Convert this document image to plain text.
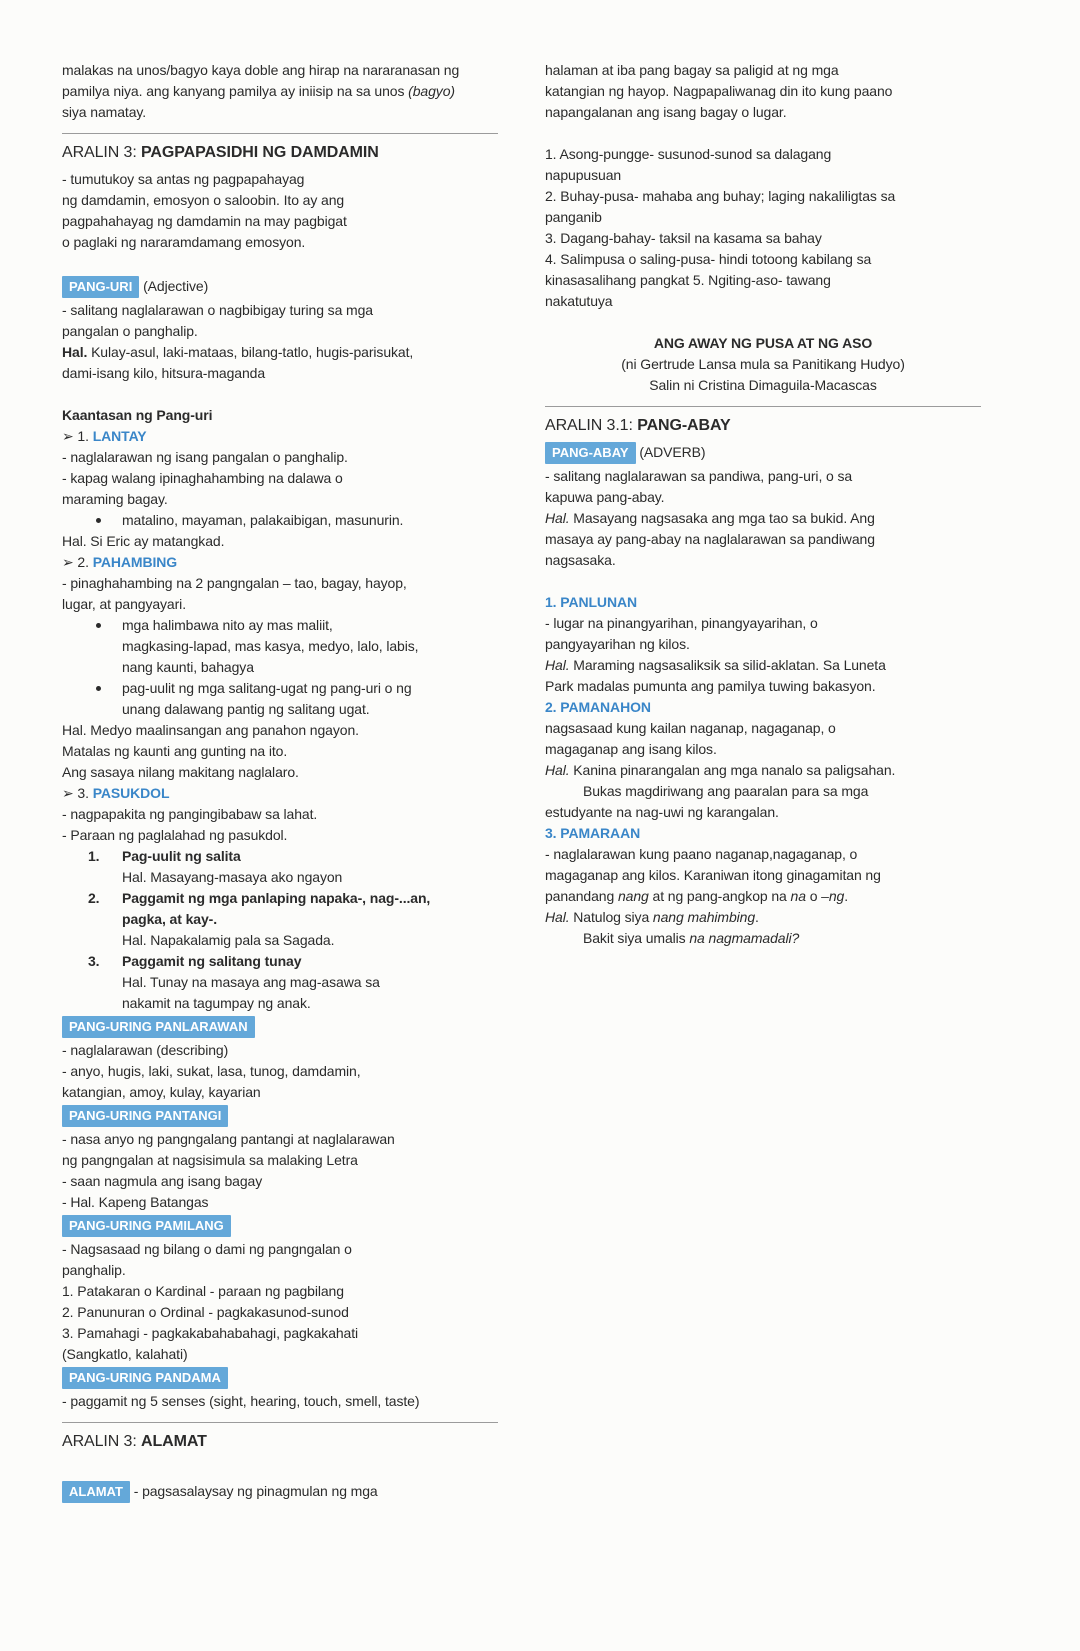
malakas na unos/bagyo kaya doble ang hirap na nararanasan ng
pamilya niya. ang kanyang pamilya ay iniisip na sa unos (bagyo)
siya namatay.
ARALIN 3: PAGPAPASIDHI NG DAMDAMIN
- tumutukoy sa antas ng pagpapahayag
ng damdamin, emosyon o saloobin. Ito ay ang
pagpahahayag ng damdamin na may pagbigat
o paglaki ng nararamdamang emosyon.
PANG-URI (Adjective)
- salitang naglalarawan o nagbibigay turing sa mga
pangalan o panghalip.
Hal. Kulay-asul, laki-mataas, bilang-tatlo, hugis-parisukat,
dami-isang kilo, hitsura-maganda
Kaantasan ng Pang-uri
➢ 1. LANTAY
- naglalarawan ng isang pangalan o panghalip.
- kapag walang ipinaghahambing na dalawa o
maraming bagay.
matalino, mayaman, palakaibigan, masunurin.
Hal. Si Eric ay matangkad.
➢ 2. PAHAMBING
- pinaghahambing na 2 pangngalan – tao, bagay, hayop,
lugar, at pangyayari.
mga halimbawa nito ay mas maliit,
magkasing-lapad, mas kasya, medyo, lalo, labis,
nang kaunti, bahagya
pag-uulit ng mga salitang-ugat ng pang-uri o ng
unang dalawang pantig ng salitang ugat.
Hal. Medyo maalinsangan ang panahon ngayon.
Matalas ng kaunti ang gunting na ito.
Ang sasaya nilang makitang naglalaro.
➢ 3. PASUKDOL
- nagpapakita ng pangingibabaw sa lahat.
- Paraan ng paglalahad ng pasukdol.
1. Pag-uulit ng salita
Hal. Masayang-masaya ako ngayon
2. Paggamit ng mga panlaping napaka-, nag-...an,
pagka, at kay-.
Hal. Napakalamig pala sa Sagada.
3. Paggamit ng salitang tunay
Hal. Tunay na masaya ang mag-asawa sa
nakamit na tagumpay ng anak.
PANG-URING PANLARAWAN
- naglalarawan (describing)
- anyo, hugis, laki, sukat, lasa, tunog, damdamin,
katangian, amoy, kulay, kayarian
PANG-URING PANTANGI
- nasa anyo ng pangngalang pantangi at naglalarawan
ng pangngalan at nagsisimula sa malaking Letra
- saan nagmula ang isang bagay
- Hal. Kapeng Batangas
PANG-URING PAMILANG
- Nagsasaad ng bilang o dami ng pangngalan o
panghalip.
1. Patakaran o Kardinal - paraan ng pagbilang
2. Panunuran o Ordinal - pagkakasunod-sunod
3. Pamahagi - pagkakabahabahagi, pagkakahati
(Sangkatlo, kalahati)
PANG-URING PANDAMA
- paggamit ng 5 senses (sight, hearing, touch, smell, taste)
ARALIN 3: ALAMAT
ALAMAT - pagsasalaysay ng pinagmulan ng mga
halaman at iba pang bagay sa paligid at ng mga
katangian ng hayop. Nagpapaliwanag din ito kung paano
napangalanan ang isang bagay o lugar.
1. Asong-pungge- susunod-sunod sa dalagang
napupusuan
2. Buhay-pusa- mahaba ang buhay; laging nakaliligtas sa
panganib
3. Dagang-bahay- taksil na kasama sa bahay
4. Salimpusa o saling-pusa- hindi totoong kabilang sa
kinasasalihang pangkat 5. Ngiting-aso- tawang
nakatutuya
ANG AWAY NG PUSA AT NG ASO
(ni Gertrude Lansa mula sa Panitikang Hudyo)
Salin ni Cristina Dimaguila-Macascas
ARALIN 3.1: PANG-ABAY
PANG-ABAY (ADVERB)
- salitang naglalarawan sa pandiwa, pang-uri, o sa
kapuwa pang-abay.
Hal. Masayang nagsasaka ang mga tao sa bukid. Ang
masaya ay pang-abay na naglalarawan sa pandiwang
nagsasaka.
1. PANLUNAN
- lugar na pinangyarihan, pinangyayarihan, o
pangyayarihan ng kilos.
Hal. Maraming nagsasaliksik sa silid-aklatan. Sa Luneta
Park madalas pumunta ang pamilya tuwing bakasyon.
2. PAMANAHON
nagsasaad kung kailan naganap, nagaganap, o
magaganap ang isang kilos.
Hal. Kanina pinarangalan ang mga nanalo sa paligsahan.
Bukas magdiriwang ang paaralan para sa mga
estudyante na nag-uwi ng karangalan.
3. PAMARAAN
- naglalarawan kung paano naganap,nagaganap, o
magaganap ang kilos. Karaniwan itong ginagamitan ng
panandang nang at ng pang-angkop na na o –ng.
Hal. Natulog siya nang mahimbing.
Bakit siya umalis na nagmamadali?
